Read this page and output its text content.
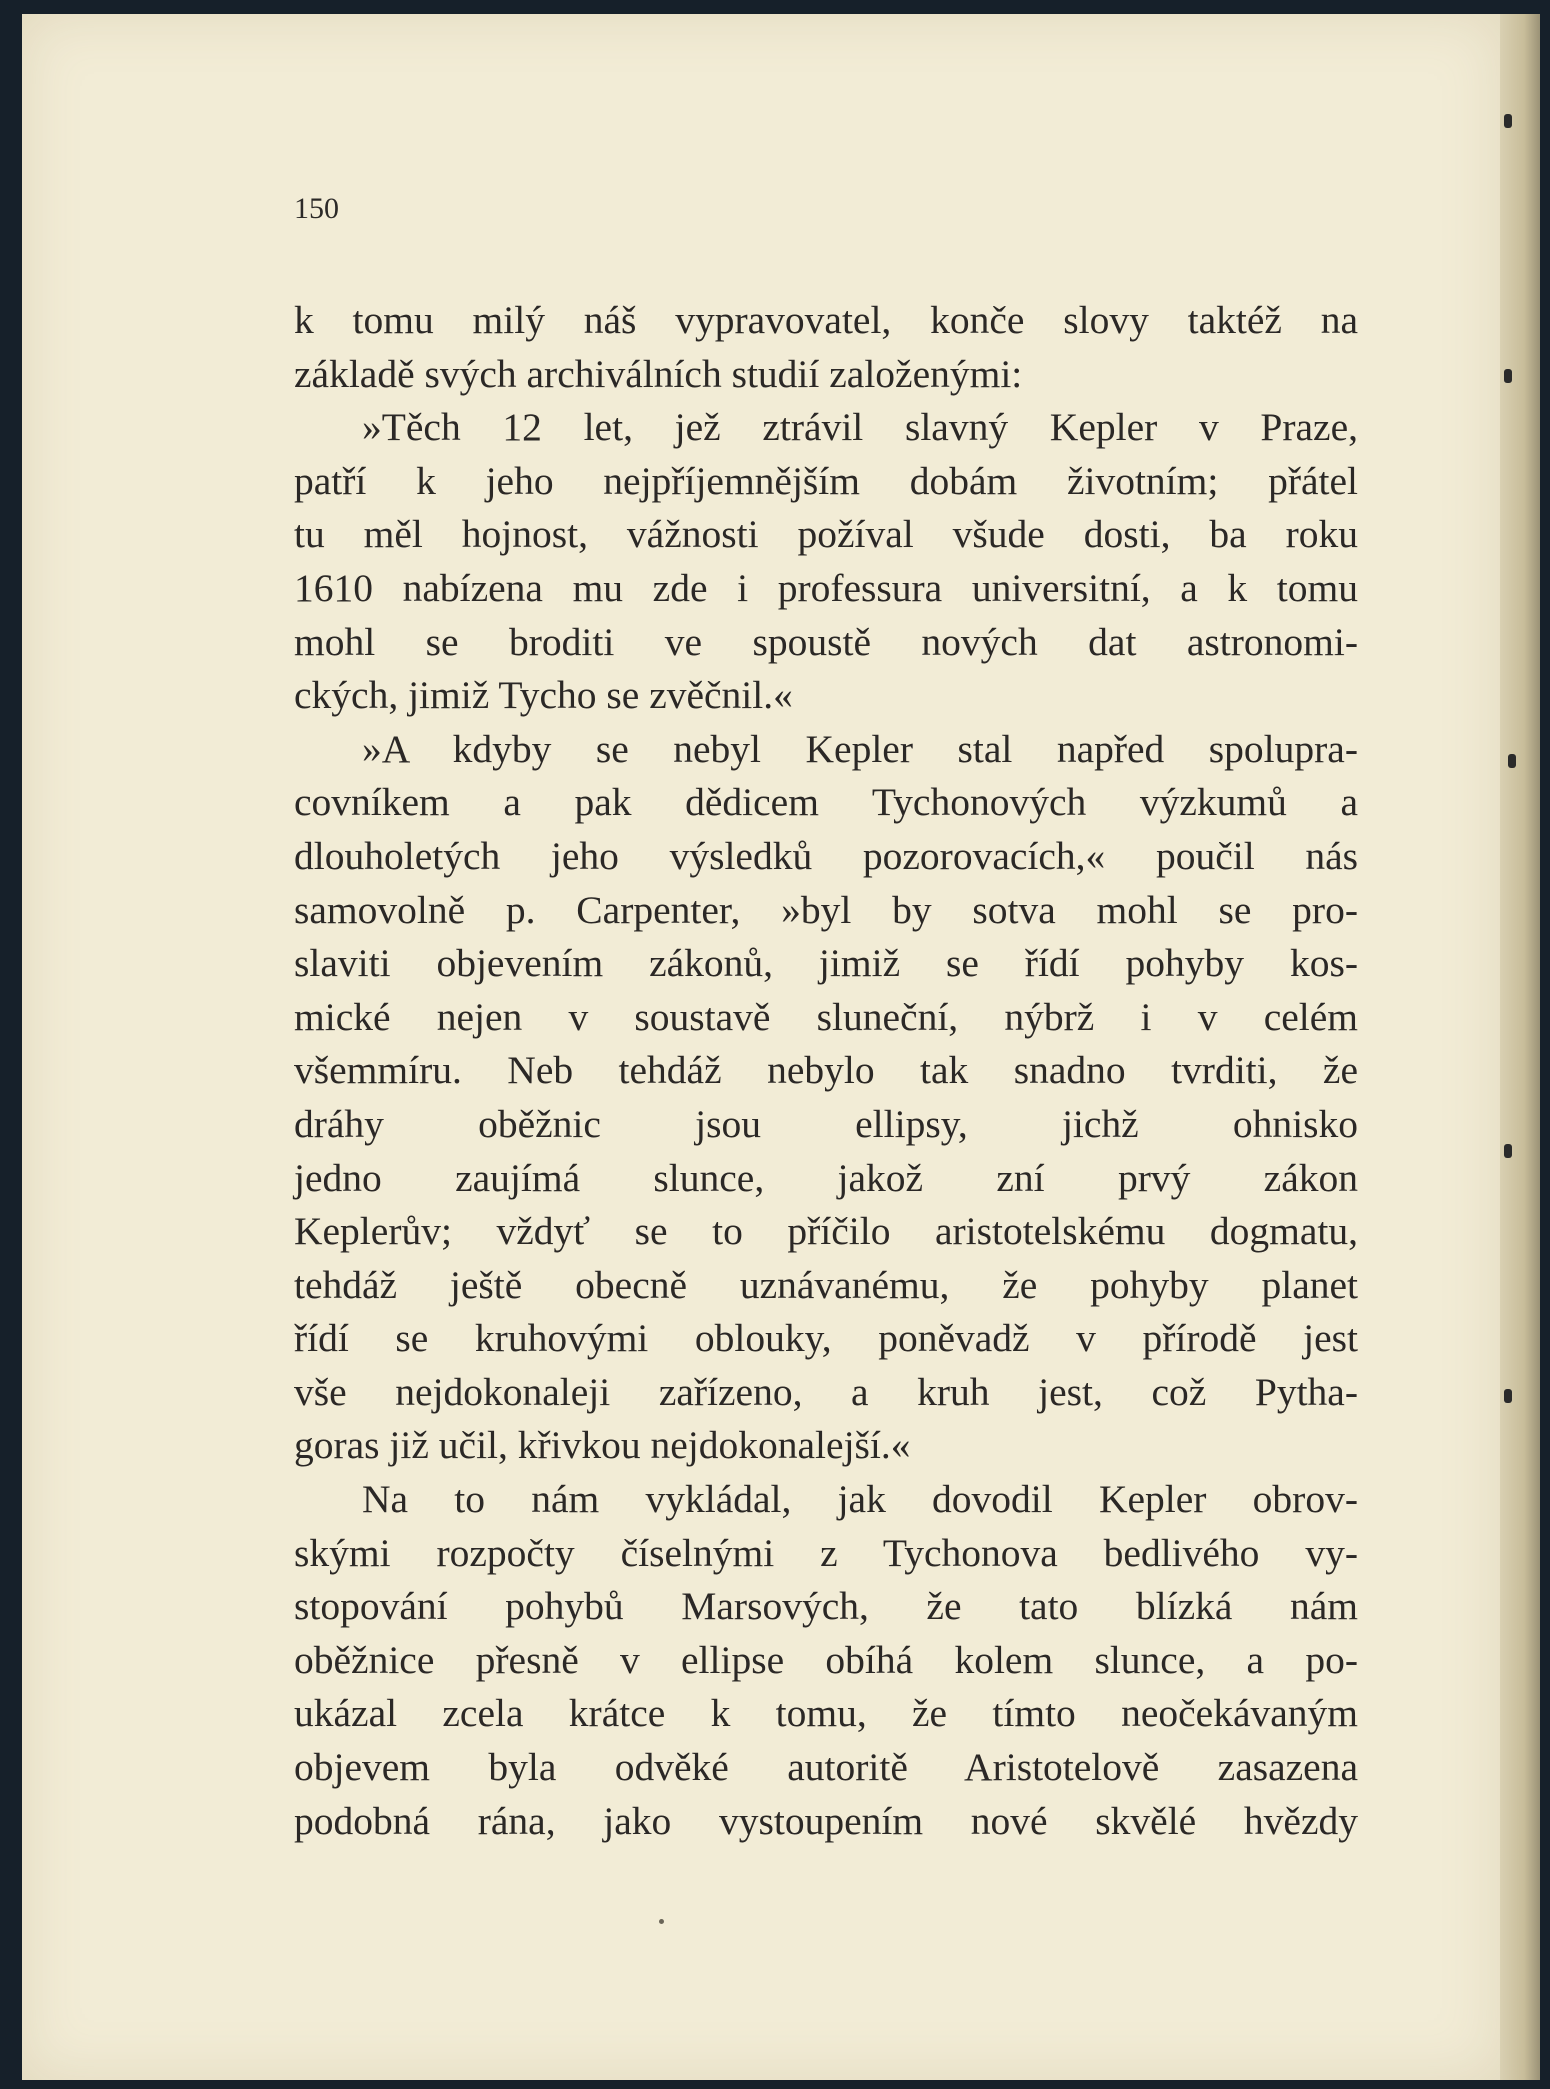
150
k tomu milý náš vypravovatel, konče slovy taktéž na
základě svých archiválních studií založenými:
»Těch 12 let, jež ztrávil slavný Kepler v Praze,
patří k jeho nejpříjemnějším dobám životním; přátel
tu měl hojnost, vážnosti požíval všude dosti, ba roku
1610 nabízena mu zde i professura universitní, a k tomu
mohl se broditi ve spoustě nových dat astronomi-
ckých, jimiž Tycho se zvěčnil.«
»A kdyby se nebyl Kepler stal napřed spolupra-
covníkem a pak dědicem Tychonových výzkumů a
dlouholetých jeho výsledků pozorovacích,« poučil nás
samovolně p. Carpenter, »byl by sotva mohl se pro-
slaviti objevením zákonů, jimiž se řídí pohyby kos-
mické nejen v soustavě sluneční, nýbrž i v celém
všemmíru. Neb tehdáž nebylo tak snadno tvrditi, že
dráhy oběžnic jsou ellipsy, jichž ohnisko
jedno zaujímá slunce, jakož zní prvý zákon
Keplerův; vždyť se to příčilo aristotelskému dogmatu,
tehdáž ještě obecně uznávanému, že pohyby planet
řídí se kruhovými oblouky, poněvadž v přírodě jest
vše nejdokonaleji zařízeno, a kruh jest, což Pytha-
goras již učil, křivkou nejdokonalejší.«
Na to nám vykládal, jak dovodil Kepler obrov-
skými rozpočty číselnými z Tychonova bedlivého vy-
stopování pohybů Marsových, že tato blízká nám
oběžnice přesně v ellipse obíhá kolem slunce, a po-
ukázal zcela krátce k tomu, že tímto neočekávaným
objevem byla odvěké autoritě Aristotelově zasazena
podobná rána, jako vystoupením nové skvělé hvězdy
